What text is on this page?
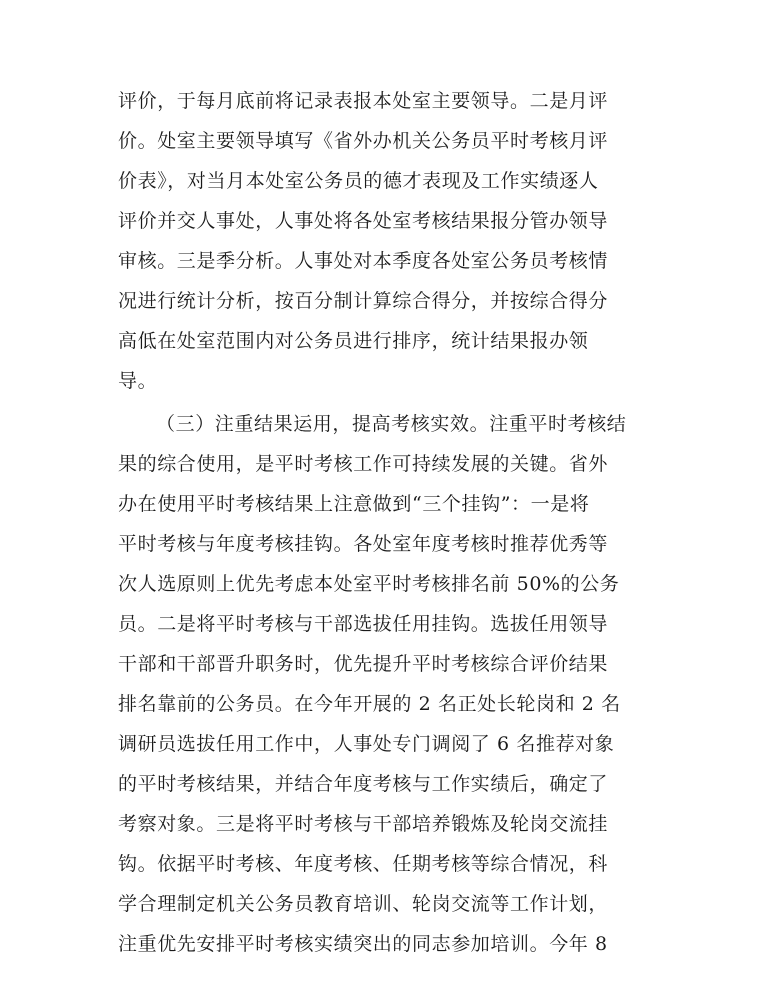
评价，于每月底前将记录表报本处室主要领导。二是月评
价。处室主要领导填写《省外办机关公务员平时考核月评
价表》，对当月本处室公务员的德才表现及工作实绩逐人
评价并交人事处，人事处将各处室考核结果报分管办领导
审核。三是季分析。人事处对本季度各处室公务员考核情
况进行统计分析，按百分制计算综合得分，并按综合得分
高低在处室范围内对公务员进行排序，统计结果报办领
导。
（三）注重结果运用，提高考核实效。注重平时考核结
果的综合使用，是平时考核工作可持续发展的关键。省外
办在使用平时考核结果上注意做到“三个挂钩”：一是将
平时考核与年度考核挂钩。各处室年度考核时推荐优秀等
次人选原则上优先考虑本处室平时考核排名前 50%的公务
员。二是将平时考核与干部选拔任用挂钩。选拔任用领导
干部和干部晋升职务时，优先提升平时考核综合评价结果
排名靠前的公务员。在今年开展的 2 名正处长轮岗和 2 名
调研员选拔任用工作中，人事处专门调阅了 6 名推荐对象
的平时考核结果，并结合年度考核与工作实绩后，确定了
考察对象。三是将平时考核与干部培养锻炼及轮岗交流挂
钩。依据平时考核、年度考核、任期考核等综合情况，科
学合理制定机关公务员教育培训、轮岗交流等工作计划，
注重优先安排平时考核实绩突出的同志参加培训。今年 8
